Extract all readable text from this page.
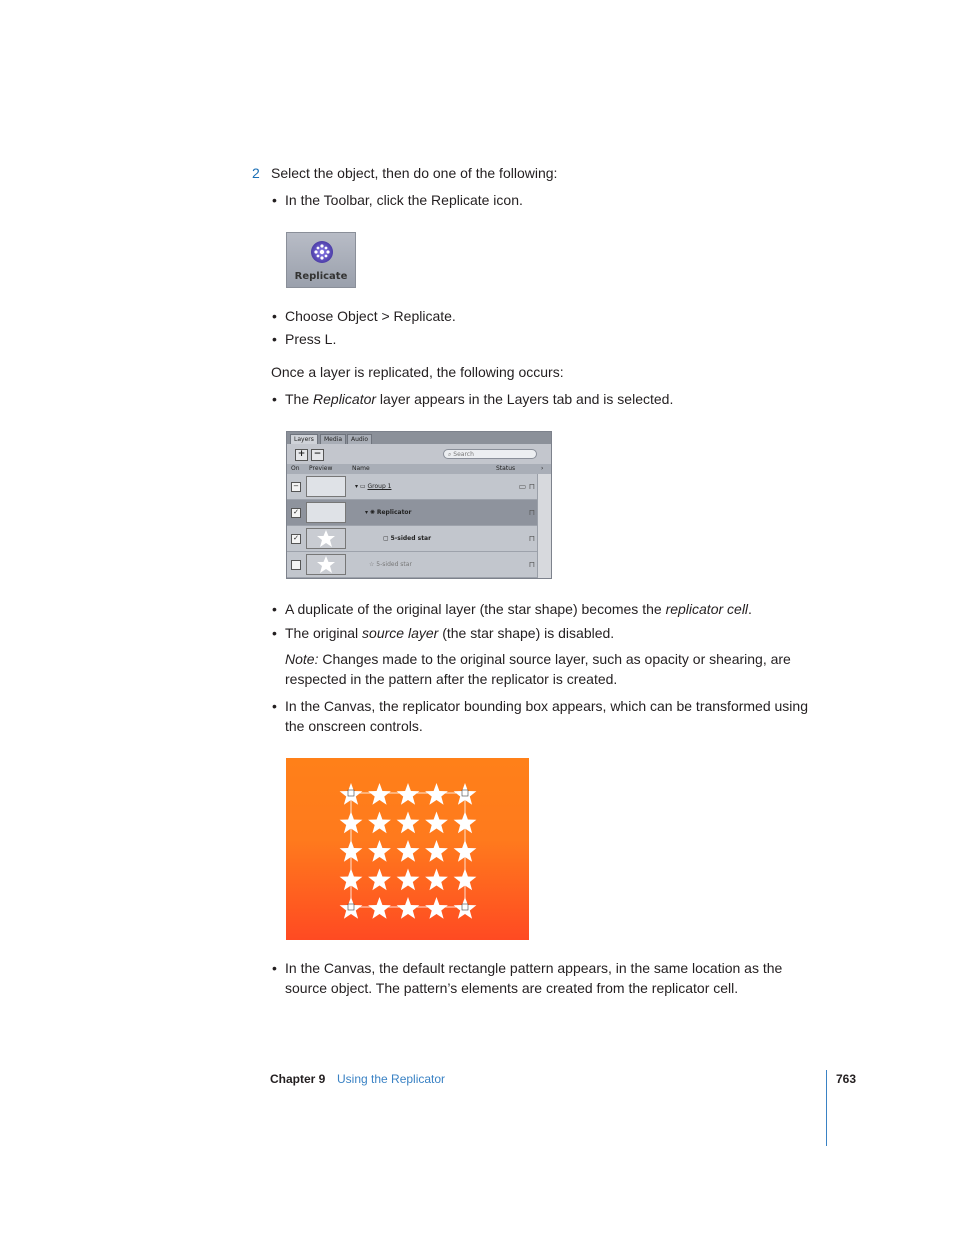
2 Select the object, then do one of the following:
• In the Toolbar, click the Replicate icon.
Replicate
• Choose Object > Replicate.
• Press L.
Once a layer is replicated, the following occurs:
• The Replicator layer appears in the Layers tab and is selected.
Layers	Media	Audio
+ −	⌕ Search
On Preview	Name	Status	›
−	▾ ▭ Group 1	▭ ⊓
✓	▾ ✺ Replicator	⊓
✓	▢ 5-sided star	⊓
☆ 5-sided star	⊓
• A duplicate of the original layer (the star shape) becomes the replicator cell.
• The original source layer (the star shape) is disabled.
Note: Changes made to the original source layer, such as opacity or shearing, are
respected in the pattern after the replicator is created.
• In the Canvas, the replicator bounding box appears, which can be transformed using
the onscreen controls.
• In the Canvas, the default rectangle pattern appears, in the same location as the
source object. The pattern’s elements are created from the replicator cell.
Chapter 9 Using the Replicator	763
